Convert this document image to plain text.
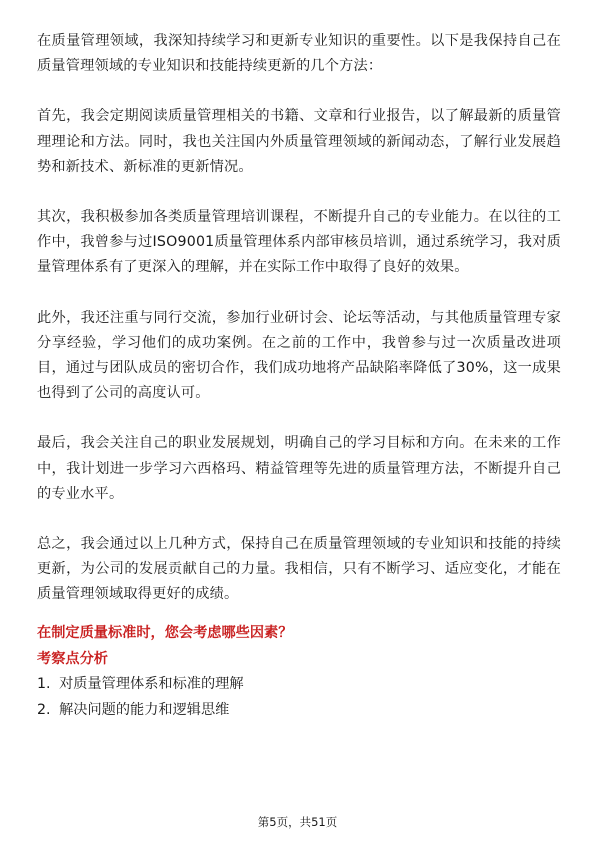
在质量管理领域，我深知持续学习和更新专业知识的重要性。以下是我保持自己在质量管理领域的专业知识和技能持续更新的几个方法：

首先，我会定期阅读质量管理相关的书籍、文章和行业报告，以了解最新的质量管理理论和方法。同时，我也关注国内外质量管理领域的新闻动态，了解行业发展趋势和新技术、新标准的更新情况。

其次，我积极参加各类质量管理培训课程，不断提升自己的专业能力。在以往的工作中，我曾参与过ISO9001质量管理体系内部审核员培训，通过系统学习，我对质量管理体系有了更深入的理解，并在实际工作中取得了良好的效果。

此外，我还注重与同行交流，参加行业研讨会、论坛等活动，与其他质量管理专家分享经验，学习他们的成功案例。在之前的工作中，我曾参与过一次质量改进项目，通过与团队成员的密切合作，我们成功地将产品缺陷率降低了30%，这一成果也得到了公司的高度认可。

最后，我会关注自己的职业发展规划，明确自己的学习目标和方向。在未来的工作中，我计划进一步学习六西格玛、精益管理等先进的质量管理方法，不断提升自己的专业水平。

总之，我会通过以上几种方式，保持自己在质量管理领域的专业知识和技能的持续更新，为公司的发展贡献自己的力量。我相信，只有不断学习、适应变化，才能在质量管理领域取得更好的成绩。

在制定质量标准时，您会考虑哪些因素？

考察点分析

1. 对质量管理体系和标准的理解
2. 解决问题的能力和逻辑思维
第5页，共51页
